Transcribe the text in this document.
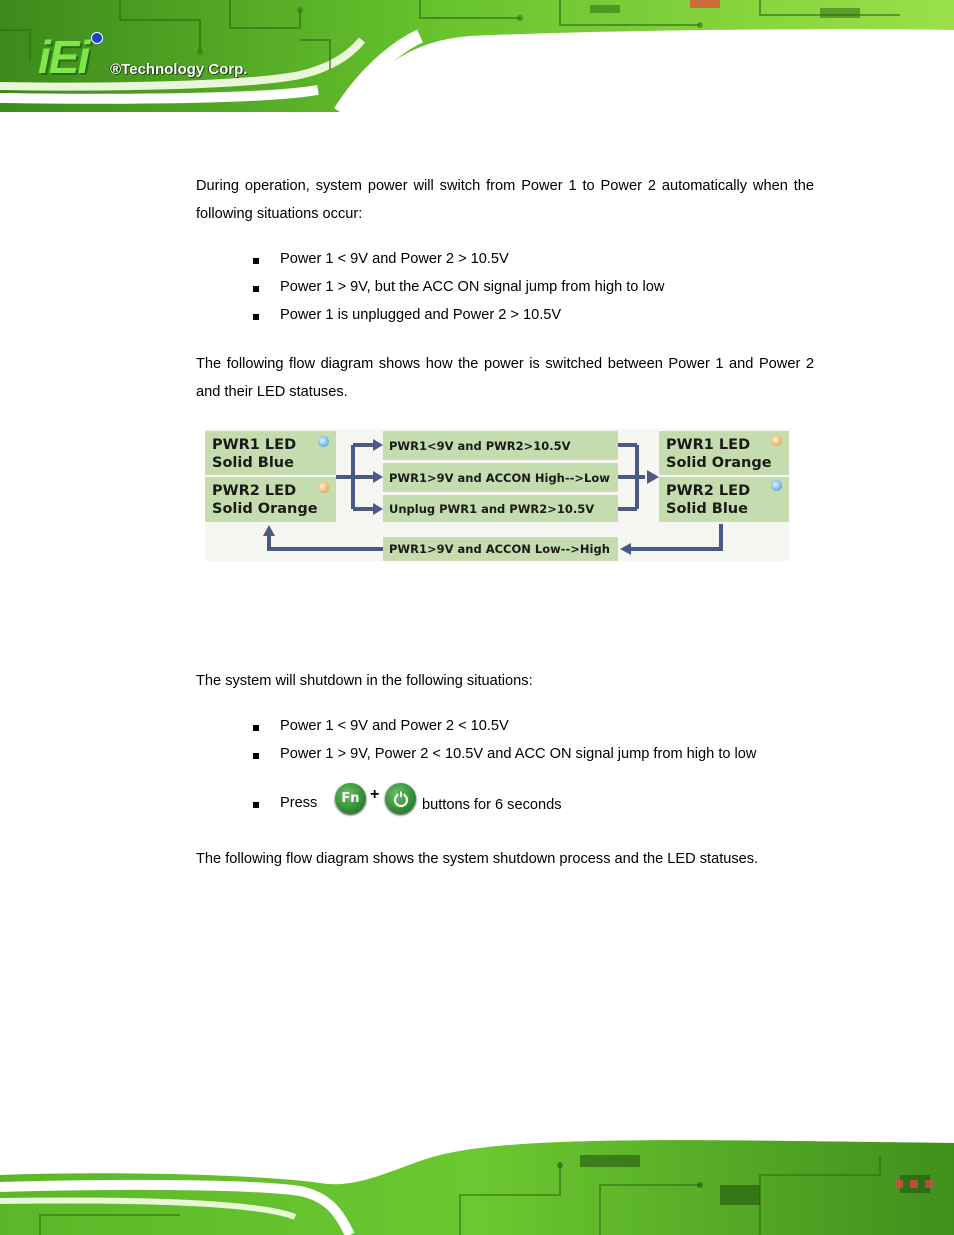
iEi ®Technology Corp.

During operation, system power will switch from Power 1 to Power 2 automatically when the following situations occur:

Power 1 < 9V and Power 2 > 10.5V
Power 1 > 9V, but the ACC ON signal jump from high to low
Power 1 is unplugged and Power 2 > 10.5V

The following flow diagram shows how the power is switched between Power 1 and Power 2 and their LED statuses.

PWR1 LED
Solid Blue
PWR2 LED
Solid Orange
PWR1<9V and PWR2>10.5V
PWR1>9V and ACCON High-->Low
Unplug PWR1 and PWR2>10.5V
PWR1>9V and ACCON Low-->High
PWR1 LED
Solid Orange
PWR2 LED
Solid Blue

The system will shutdown in the following situations:

Power 1 < 9V and Power 2 < 10.5V
Power 1 > 9V, Power 2 < 10.5V and ACC ON signal jump from high to low
Press Fn +
buttons for 6 seconds

The following flow diagram shows the system shutdown process and the LED statuses.
